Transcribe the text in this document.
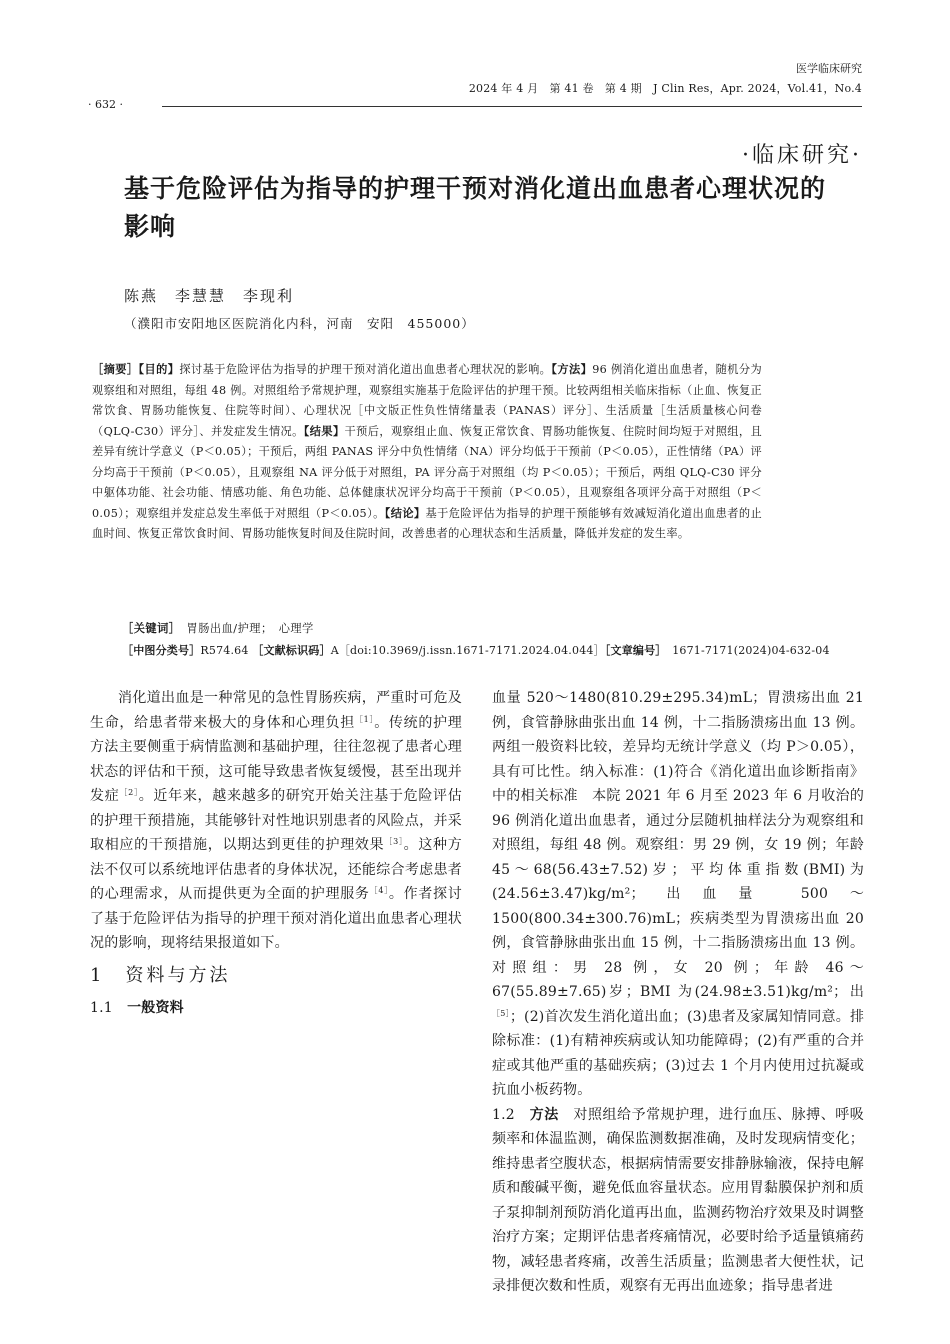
医学临床研究
2024 年 4 月　第 41 卷　第 4 期　J Clin Res，Apr. 2024，Vol.41，No.4
· 632 ·
·临床研究·
基于危险评估为指导的护理干预对消化道出血患者心理状况的影响
陈燕　李慧慧　李现利
（濮阳市安阳地区医院消化内科，河南　安阳　455000）
［摘要］【目的】探讨基于危险评估为指导的护理干预对消化道出血患者心理状况的影响。【方法】96 例消化道出血患者，随机分为观察组和对照组，每组 48 例。对照组给予常规护理，观察组实施基于危险评估的护理干预。比较两组相关临床指标（止血、恢复正常饮食、胃肠功能恢复、住院等时间）、心理状况［中文版正性负性情绪量表（PANAS）评分］、生活质量［生活质量核心问卷（QLQ-C30）评分］、并发症发生情况。【结果】干预后，观察组止血、恢复正常饮食、胃肠功能恢复、住院时间均短于对照组，且差异有统计学意义（P＜0.05）；干预后，两组 PANAS 评分中负性情绪（NA）评分均低于干预前（P＜0.05），正性情绪（PA）评分均高于干预前（P＜0.05），且观察组 NA 评分低于对照组，PA 评分高于对照组（均 P＜0.05）；干预后，两组 QLQ-C30 评分中躯体功能、社会功能、情感功能、角色功能、总体健康状况评分均高于干预前（P＜0.05），且观察组各项评分高于对照组（P＜0.05）；观察组并发症总发生率低于对照组（P＜0.05）。【结论】基于危险评估为指导的护理干预能够有效减短消化道出血患者的止血时间、恢复正常饮食时间、胃肠功能恢复时间及住院时间，改善患者的心理状态和生活质量，降低并发症的发生率。
［关键词］　 胃肠出血/护理；　心理学
［中图分类号］R574.64 ［文献标识码］A［doi:10.3969/j.issn.1671-7171.2024.04.044］［文章编号］　 1671-7171(2024)04-632-04

消化道出血是一种常见的急性胃肠疾病，严重时可危及生命，给患者带来极大的身体和心理负担$^{[1]}$。传统的护理方法主要侧重于病情监测和基础护理，往往忽视了患者心理状态的评估和干预，这可能导致患者恢复缓慢，甚至出现并发症$^{[2]}$。近年来，越来越多的研究开始关注基于危险评估的护理干预措施，其能够针对性地识别患者的风险点，并采取相应的干预措施，以期达到更佳的护理效果$^{[3]}$。这种方法不仅可以系统地评估患者的身体状况，还能综合考虑患者的心理需求，从而提供更为全面的护理服务$^{[4]}$。作者探讨了基于危险评估为指导的护理干预对消化道出血患者心理状况的影响，现将结果报道如下。

1　资料与方法

1.1　 一般资料

血量 520～1480(810.29±295.34)mL；胃溃疡出血 21 例，食管静脉曲张出血 14 例，十二指肠溃疡出血 13 例。两组一般资料比较，差异均无统计学意义（均 P＞0.05），具有可比性。纳入标准：(1)符合《消化道出血诊断指南》中的相关标准　 本院 2021 年 6 月至 2023 年 6 月收治的 96 例消化道出血患者，通过分层随机抽样法分为观察组和对照组，每组 48 例。观察组：男 29 例，女 19 例；年龄 45～68(56.43±7.52)岁；平均体重指数(BMI)为(24.56±3.47)kg/m²；出血量 500～1500(800.34±300.76)mL；疾病类型为胃溃疡出血 20 例，食管静脉曲张出血 15 例，十二指肠溃疡出血 13 例。对照组：男 28 例，女 20 例；年龄 46～67(55.89±7.65)岁；BMI 为(24.98±3.51)kg/m²；出$^{[5]}$；(2)首次发生消化道出血；(3)患者及家属知情同意。排除标准：(1)有精神疾病或认知功能障碍；(2)有严重的合并症或其他严重的基础疾病；(3)过去 1 个月内使用过抗凝或抗血小板药物。

1.2　方法　对照组给予常规护理，进行血压、脉搏、呼吸频率和体温监测，确保监测数据准确，及时发现病情变化；维持患者空腹状态，根据病情需要安排静脉输液，保持电解质和酸碱平衡，避免低血容量状态。应用胃黏膜保护剂和质子泵抑制剂预防消化道再出血，监测药物治疗效果及时调整治疗方案；定期评估患者疼痛情况，必要时给予适量镇痛药物，减轻患者疼痛，改善生活质量；监测患者大便性状，记录排便次数和性质，观察有无再出血迹象；指导患者进
